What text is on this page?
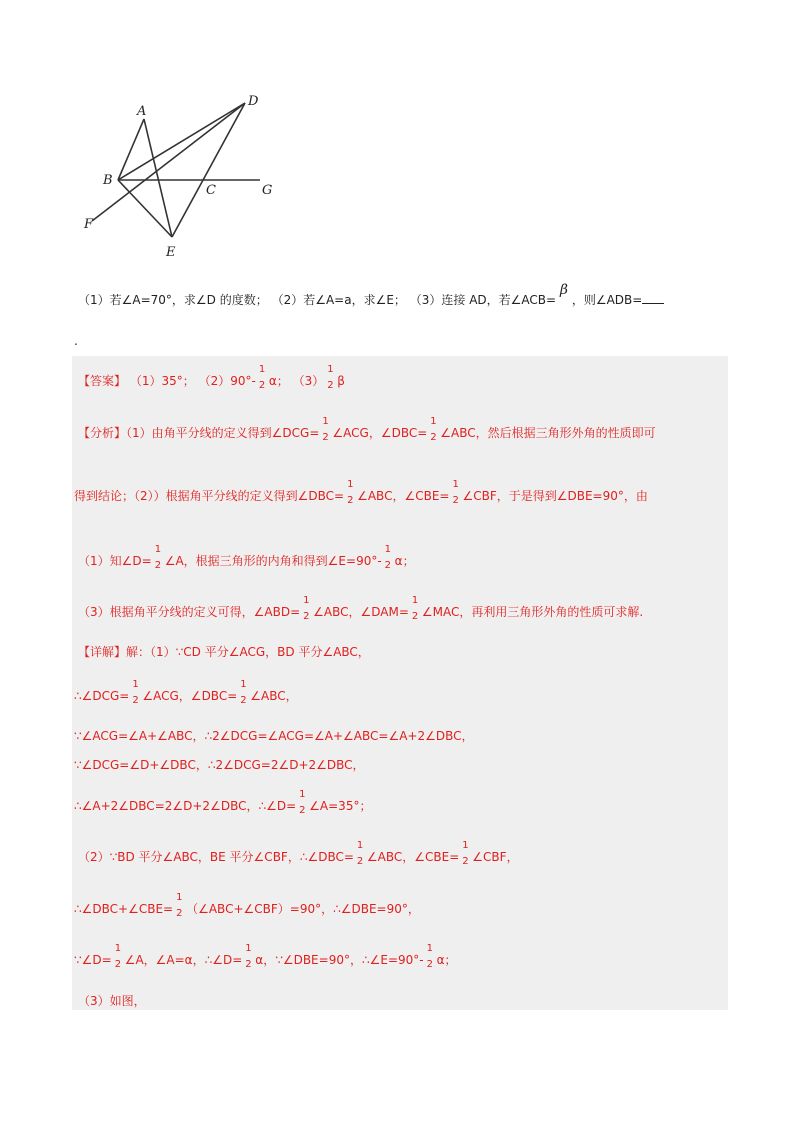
A
D
B
C	G
F
E
（1）若∠A=70°，求∠D 的度数； （2）若∠A=a，求∠E； （3）连接 AD，若∠ACB= β ，则∠ADB=
.
【答案】 （1）35°； （2）90°-
1
2 α； （3）
1
2 β
【分析】（1）由角平分线的定义得到∠DCG=
1
2 ∠ACG，∠DBC=
1
2 ∠ABC，然后根据三角形外角的性质即可
得到结论；（2））根据角平分线的定义得到∠DBC=
1
2 ∠ABC，∠CBE=
1
2 ∠CBF，于是得到∠DBE=90°，由
（1）知∠D=
1
2 ∠A，根据三角形的内角和得到∠E=90°-
1
2 α；
（3）根据角平分线的定义可得，∠ABD=
1
2 ∠ABC，∠DAM=
1
2 ∠MAC，再利用三角形外角的性质可求解.
【详解】解：（1）∵CD 平分∠ACG，BD 平分∠ABC，
∴∠DCG=
1
2 ∠ACG，∠DBC=
1
2 ∠ABC，
∵∠ACG=∠A+∠ABC，∴2∠DCG=∠ACG=∠A+∠ABC=∠A+2∠DBC，
∵∠DCG=∠D+∠DBC，∴2∠DCG=2∠D+2∠DBC，
∴∠A+2∠DBC=2∠D+2∠DBC，∴∠D=
1
2 ∠A=35°；
（2）∵BD 平分∠ABC，BE 平分∠CBF，∴∠DBC=
1
2 ∠ABC，∠CBE=
1
2 ∠CBF，
∴∠DBC+∠CBE=
1
2 （∠ABC+∠CBF）=90°，∴∠DBE=90°，
∵∠D=
1
2 ∠A，∠A=α，∴∠D=
1
2 α，∵∠DBE=90°，∴∠E=90°-
1
2 α；
（3）如图，
